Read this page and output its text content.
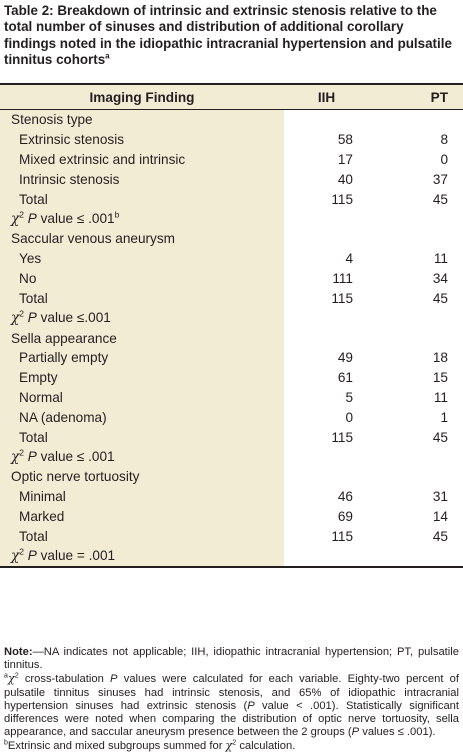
Table 2: Breakdown of intrinsic and extrinsic stenosis relative to the total number of sinuses and distribution of additional corollary findings noted in the idiopathic intracranial hypertension and pulsatile tinnitus cohorts$^a$

Imaging Finding	IIH	PT
Stenosis type		
Extrinsic stenosis	58	8
Mixed extrinsic and intrinsic	17	0
Intrinsic stenosis	40	37
Total	115	45
$\chi^2$ P value ≤ .001$^b$		
Saccular venous aneurysm		
Yes	4	11
No	111	34
Total	115	45
$\chi^2$ P value ≤.001		
Sella appearance		
Partially empty	49	18
Empty	61	15
Normal	5	11
NA (adenoma)	0	1
Total	115	45
$\chi^2$ P value ≤ .001		
Optic nerve tortuosity		
Minimal	46	31
Marked	69	14
Total	115	45
$\chi^2$ P value = .001		

Note:—NA indicates not applicable; IIH, idiopathic intracranial hypertension; PT, pulsatile tinnitus.

$^a\chi^2$ cross-tabulation P values were calculated for each variable. Eighty-two percent of pulsatile tinnitus sinuses had intrinsic stenosis, and 65% of idiopathic intracranial hypertension sinuses had extrinsic stenosis (P value < .001). Statistically significant differences were noted when comparing the distribution of optic nerve tortuosity, sella appearance, and saccular aneurysm presence between the 2 groups (P values ≤ .001).

$^b$Extrinsic and mixed subgroups summed for $\chi^2$ calculation.
